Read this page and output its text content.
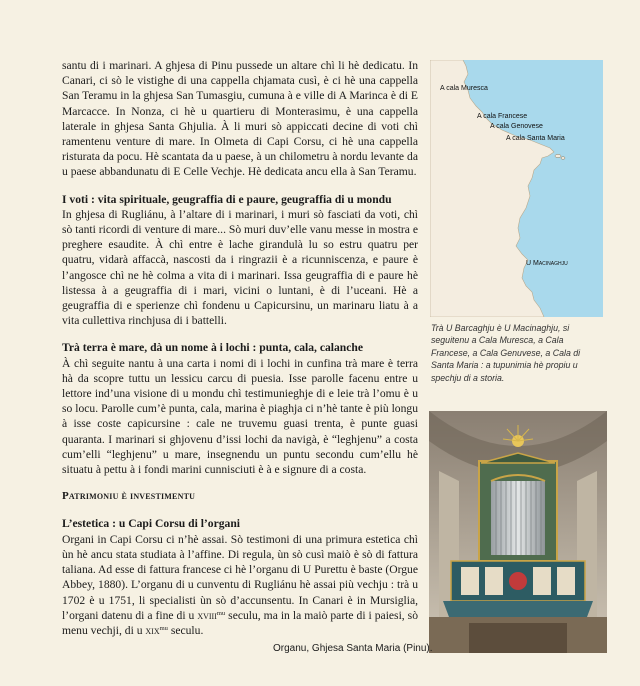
santu di i marinari. A ghjesa di Pinu pussede un altare chì li hè dedicatu. In Canari, ci sò le vistighe di una cappella chjamata cusì, è ci hè una cappella San Teramu in la ghjesa San Tumasgiu, cumuna à e ville di A Marinca è di E Marcacce. In Nonza, ci hè u quartieru di Monterasimu, è una cappella laterale in ghjesa Santa Ghjulia. À li muri sò appiccati decine di voti chì ramentenu venture di mare. In Olmeta di Capi Corsu, ci hè una cappella risturata da pocu. Hè scantata da u paese, à un chilometru à nordu levante da u paese abbandunatu di E Celle Vechje. Hè dedicata ancu ella à San Teramu.

I voti : vita spirituale, geugraffia di e paure, geugraffia di u mondu

In ghjesa di Rugliánu, à l’altare di i marinari, i muri sò fasciati da voti, chì sò tanti ricordi di venture di mare... Sò muri duv’elle vanu messe in mostra e preghere esaudite. À chì entre è lache girandulà lu so estru quatru per quatru, vidarà affaccà, nascosti da i ringrazii è a ricunniscenza, e paure è l’angosce chì ne hè colma a vita di i marinari. Issa geugraffia di e paure hè listessa à a geugraffia di i mari, vicini o luntani, è di l’uceani. Hè a geugraffia di e sperienze chì fondenu u Capicursinu, un marinaru liatu à a vita cullettiva rinchjusa di i battelli.

Trà terra è mare, dà un nome à i lochi : punta, cala, calanche

À chì seguite nantu à una carta i nomi di i lochi in cunfina trà mare è terra hà da scopre tuttu un lessicu carcu di puesia. Isse parolle facenu entre u lettore ind’una visione di u mondu chì testimunieghje di e leie trà l’omu è u so locu. Parolle cum’è punta, cala, marina è piaghja ci n’hè tante è più longu à isse coste capicursine : cale ne truvemu guasi trenta, è punte guasi quaranta. I marinari si ghjovenu d’issi lochi da navigà, è “leghjenu” a costa cum’elli “leghjenu” u mare, insegnendu un puntu secondu cum’ellu hè situatu à pettu à i fondi marini cunnisciuti è à e signure di a costa.

Patrimoniu è investimentu
L’estetica : u Capi Corsu di l’organi

Organi in Capi Corsu ci n’hè assai. Sò testimoni di una primura estetica chì ùn hè ancu stata studiata à l’affine. Di regula, ùn sò cusì maiò è sò di fattura taliana. Ad esse di fattura francese ci hè l’organu di U Purettu è baste (Orgue Abbey, 1880). L’organu di u cunventu di Rugliánu hè assai più vechju : trà u 1702 è u 1751, li specialisti ùn sò d’accunsentu. In Canari è in Mursiglia, l’organi datenu di a fine di u xviii$^{mu}$ seculu, ma in la maiò parte di i paiesi, sò menu vechji, di u xix$^{mu}$ seculu.

A cala Muresca
A cala Francese
A cala Genovese
A cala Santa Maria
U Macinaghju
Trà U Barcaghju è U Macinaghju, si seguitenu a Cala Muresca, a Cala Francese, a Cala Genuvese, a Cala di Santa Maria : a tupunimia hè propiu u spechju di a storia.
Organu, Ghjesa Santa Maria (Pinu).
